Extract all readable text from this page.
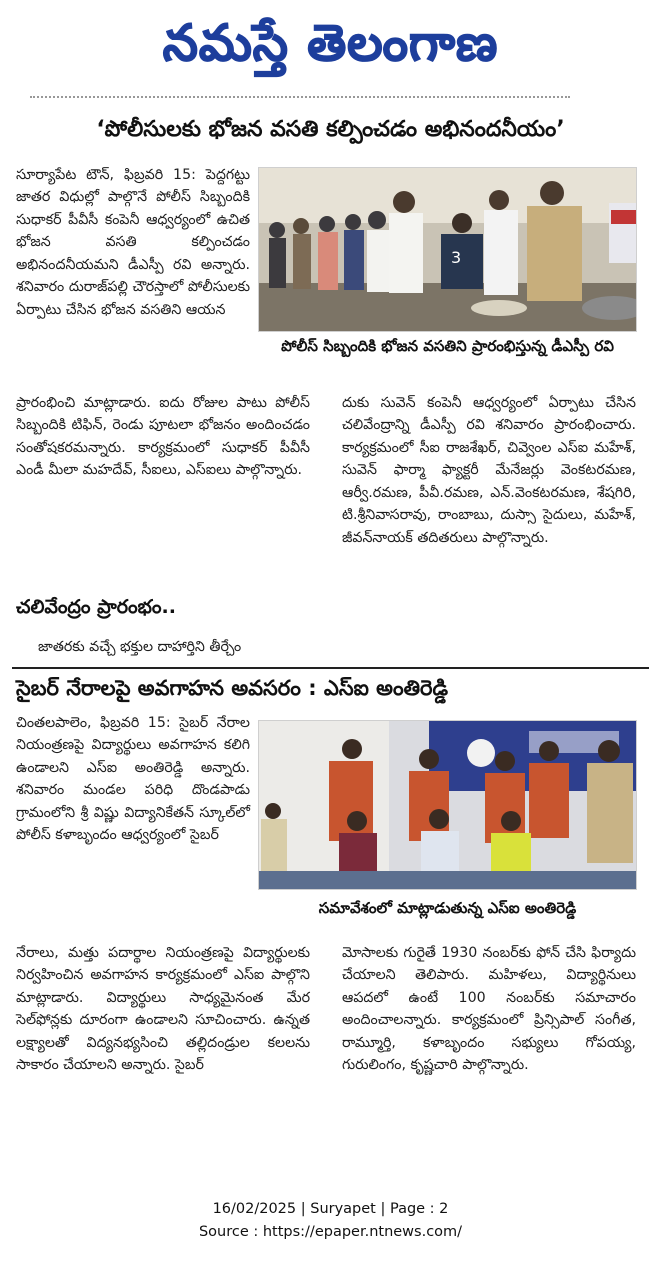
నమస్తే తెలంగాణ
‘పోలీసులకు భోజన వసతి కల్పించడం అభినందనీయం’
3
పోలీస్ సిబ్బందికి భోజన వసతిని ప్రారంభిస్తున్న డీఎస్పీ రవి
సూర్యాపేట టౌన్, ఫిబ్రవరి 15: పెద్దగట్టు జాతర విధుల్లో పాల్గొనే పోలీస్ సిబ్బందికి సుధాకర్ పీవీసీ కంపెనీ ఆధ్వర్యంలో ఉచిత భోజన వసతి కల్పించడం అభినందనీయమని డీఎస్పీ రవి అన్నారు. శనివారం దురాజ్‌పల్లి చౌరస్తాలో పోలీసులకు ఏర్పాటు చేసిన భోజన వసతిని ఆయన
ప్రారంభించి మాట్లాడారు. ఐదు రోజుల పాటు పోలీస్ సిబ్బందికి టిఫిన్, రెండు పూటలా భోజనం అందించడం సంతోషకరమన్నారు. కార్యక్రమంలో సుధాకర్ పీవీసీ ఎండీ మీలా మహదేవ్, సీఐలు, ఎస్ఐలు పాల్గొన్నారు.
చలివేంద్రం ప్రారంభం..
జాతరకు వచ్చే భక్తుల దాహార్తిని తీర్చేం
దుకు సువెన్ కంపెనీ ఆధ్వర్యంలో ఏర్పాటు చేసిన చలివేంద్రాన్ని డీఎస్పీ రవి శనివారం ప్రారంభించారు. కార్యక్రమంలో సీఐ రాజశేఖర్, చివ్వెంల ఎస్ఐ మహేశ్, సువెన్ ఫార్మా ఫ్యాక్టరీ మేనేజర్లు వెంకటరమణ, ఆర్వీ.రమణ, పీవీ.రమణ, ఎన్.వెంకటరమణ, శేషగిరి, టి.శ్రీనివాసరావు, రాంబాబు, దుస్సా సైదులు, మహేశ్, జీవన్‌నాయక్ తదితరులు పాల్గొన్నారు.
సైబర్ నేరాలపై అవగాహన అవసరం : ఎస్ఐ అంతిరెడ్డి
సమావేశంలో మాట్లాడుతున్న ఎస్ఐ అంతిరెడ్డి
చింతలపాలెం, ఫిబ్రవరి 15: సైబర్ నేరాల నియంత్రణపై విద్యార్థులు అవగాహన కలిగి ఉండాలని ఎస్ఐ అంతిరెడ్డి అన్నారు. శనివారం మండల పరిధి దొండపాడు గ్రామంలోని శ్రీ విష్ణు విద్యానికేతన్ స్కూల్‌లో పోలీస్ కళాబృందం ఆధ్వర్యంలో సైబర్
నేరాలు, మత్తు పదార్థాల నియంత్రణపై విద్యార్థులకు నిర్వహించిన అవగాహన కార్యక్రమంలో ఎస్ఐ పాల్గొని మాట్లాడారు. విద్యార్థులు సాధ్యమైనంత మేర సెల్‌ఫోన్లకు దూరంగా ఉండాలని సూచించారు. ఉన్నత లక్ష్యాలతో విద్యనభ్యసించి తల్లిదండ్రుల కలలను సాకారం చేయాలని అన్నారు. సైబర్
మోసాలకు గురైతే 1930 నంబర్‌కు ఫోన్ చేసి ఫిర్యాదు చేయాలని తెలిపారు. మహిళలు, విద్యార్థినులు ఆపదలో ఉంటే 100 నంబర్‌కు సమాచారం అందించాలన్నారు. కార్యక్రమంలో ప్రిన్సిపాల్ సంగీత, రామ్మూర్తి, కళాబృందం సభ్యులు గోపయ్య, గురులింగం, కృష్ణచారి పాల్గొన్నారు.
16/02/2025 | Suryapet | Page : 2
Source : https://epaper.ntnews.com/
